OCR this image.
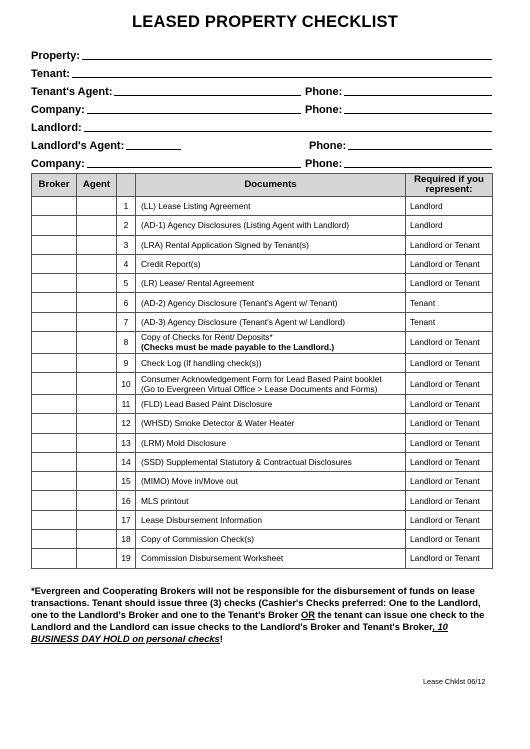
LEASED PROPERTY CHECKLIST
Property:
Tenant:
Tenant's Agent:	Phone:
Company:	Phone:
Landlord:
Landlord's Agent:	Phone:
Company:	Phone:
Broker	Agent		Documents	Required if you represent:
		1	(LL) Lease Listing Agreement	Landlord
		2	(AD-1) Agency Disclosures (Listing Agent with Landlord)	Landlord
		3	(LRA) Rental Application Signed by Tenant(s)	Landlord or Tenant
		4	Credit Report(s)	Landlord or Tenant
		5	(LR) Lease/ Rental Agreement	Landlord or Tenant
		6	(AD-2) Agency Disclosure (Tenant's Agent w/ Tenant)	Tenant
		7	(AD-3) Agency Disclosure (Tenant's Agent w/ Landlord)	Tenant
		8	Copy of Checks for Rent/ Deposits*
(Checks must be made payable to the Landlord.)	Landlord or Tenant
		9	Check Log (If handling check(s))	Landlord or Tenant
		10	Consumer Acknowledgement Form for Lead Based Paint booklet
(Go to Evergreen Virtual Office > Lease Documents and Forms)	Landlord or Tenant
		11	(FLD) Lead Based Paint Disclosure	Landlord or Tenant
		12	(WHSD) Smoke Detector & Water Heater	Landlord or Tenant
		13	(LRM) Mold Disclosure	Landlord or Tenant
		14	(SSD) Supplemental Statutory & Contractual Disclosures	Landlord or Tenant
		15	(MIMO) Move in/Move out	Landlord or Tenant
		16	MLS printout	Landlord or Tenant
		17	Lease Disbursement Information	Landlord or Tenant
		18	Copy of Commission Check(s)	Landlord or Tenant
		19	Commission Disbursement Worksheet	Landlord or Tenant
*Evergreen and Cooperating Brokers will not be responsible for the disbursement of funds on lease transactions. Tenant should issue three (3) checks (Cashier's Checks preferred: One to the Landlord, one to the Landlord's Broker and one to the Tenant's Broker OR the tenant can issue one check to the Landlord and the Landlord can issue checks to the Landlord's Broker and Tenant's Broker, 10 BUSINESS DAY HOLD on personal checks!
Lease Chklst 06/12
